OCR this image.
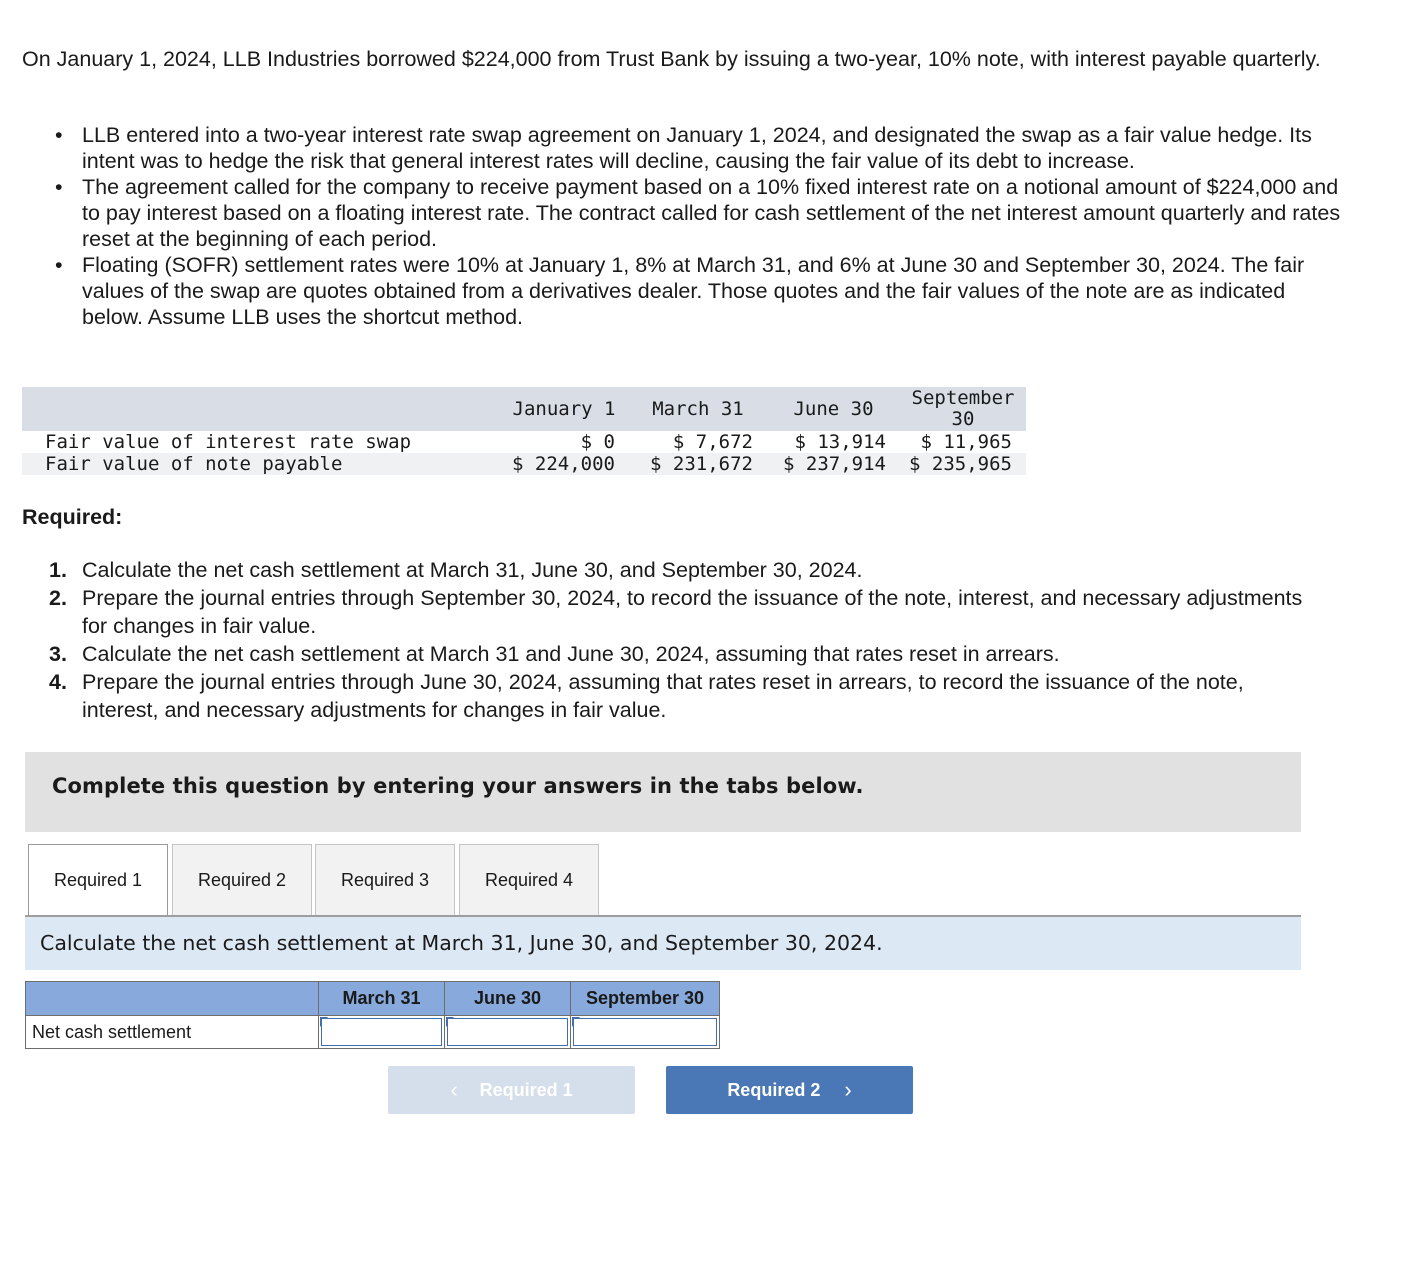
On January 1, 2024, LLB Industries borrowed $224,000 from Trust Bank by issuing a two-year, 10% note, with interest payable quarterly.
• LLB entered into a two-year interest rate swap agreement on January 1, 2024, and designated the swap as a fair value hedge. Its intent was to hedge the risk that general interest rates will decline, causing the fair value of its debt to increase.
• The agreement called for the company to receive payment based on a 10% fixed interest rate on a notional amount of $224,000 and to pay interest based on a floating interest rate. The contract called for cash settlement of the net interest amount quarterly and rates reset at the beginning of each period.
• Floating (SOFR) settlement rates were 10% at January 1, 8% at March 31, and 6% at June 30 and September 30, 2024. The fair values of the swap are quotes obtained from a derivatives dealer. Those quotes and the fair values of the note are as indicated below. Assume LLB uses the shortcut method.
	January 1	March 31	June 30	September 30
Fair value of interest rate swap	$ 0	$ 7,672	$ 13,914	$ 11,965
Fair value of note payable	$ 224,000	$ 231,672	$ 237,914	$ 235,965
Required:
1. Calculate the net cash settlement at March 31, June 30, and September 30, 2024.
2. Prepare the journal entries through September 30, 2024, to record the issuance of the note, interest, and necessary adjustments for changes in fair value.
3. Calculate the net cash settlement at March 31 and June 30, 2024, assuming that rates reset in arrears.
4. Prepare the journal entries through June 30, 2024, assuming that rates reset in arrears, to record the issuance of the note, interest, and necessary adjustments for changes in fair value.
Complete this question by entering your answers in the tabs below.
Required 1	Required 2	Required 3	Required 4
Calculate the net cash settlement at March 31, June 30, and September 30, 2024.
	March 31	June 30	September 30
Net cash settlement	

‹ Required 1	Required 2 ›
